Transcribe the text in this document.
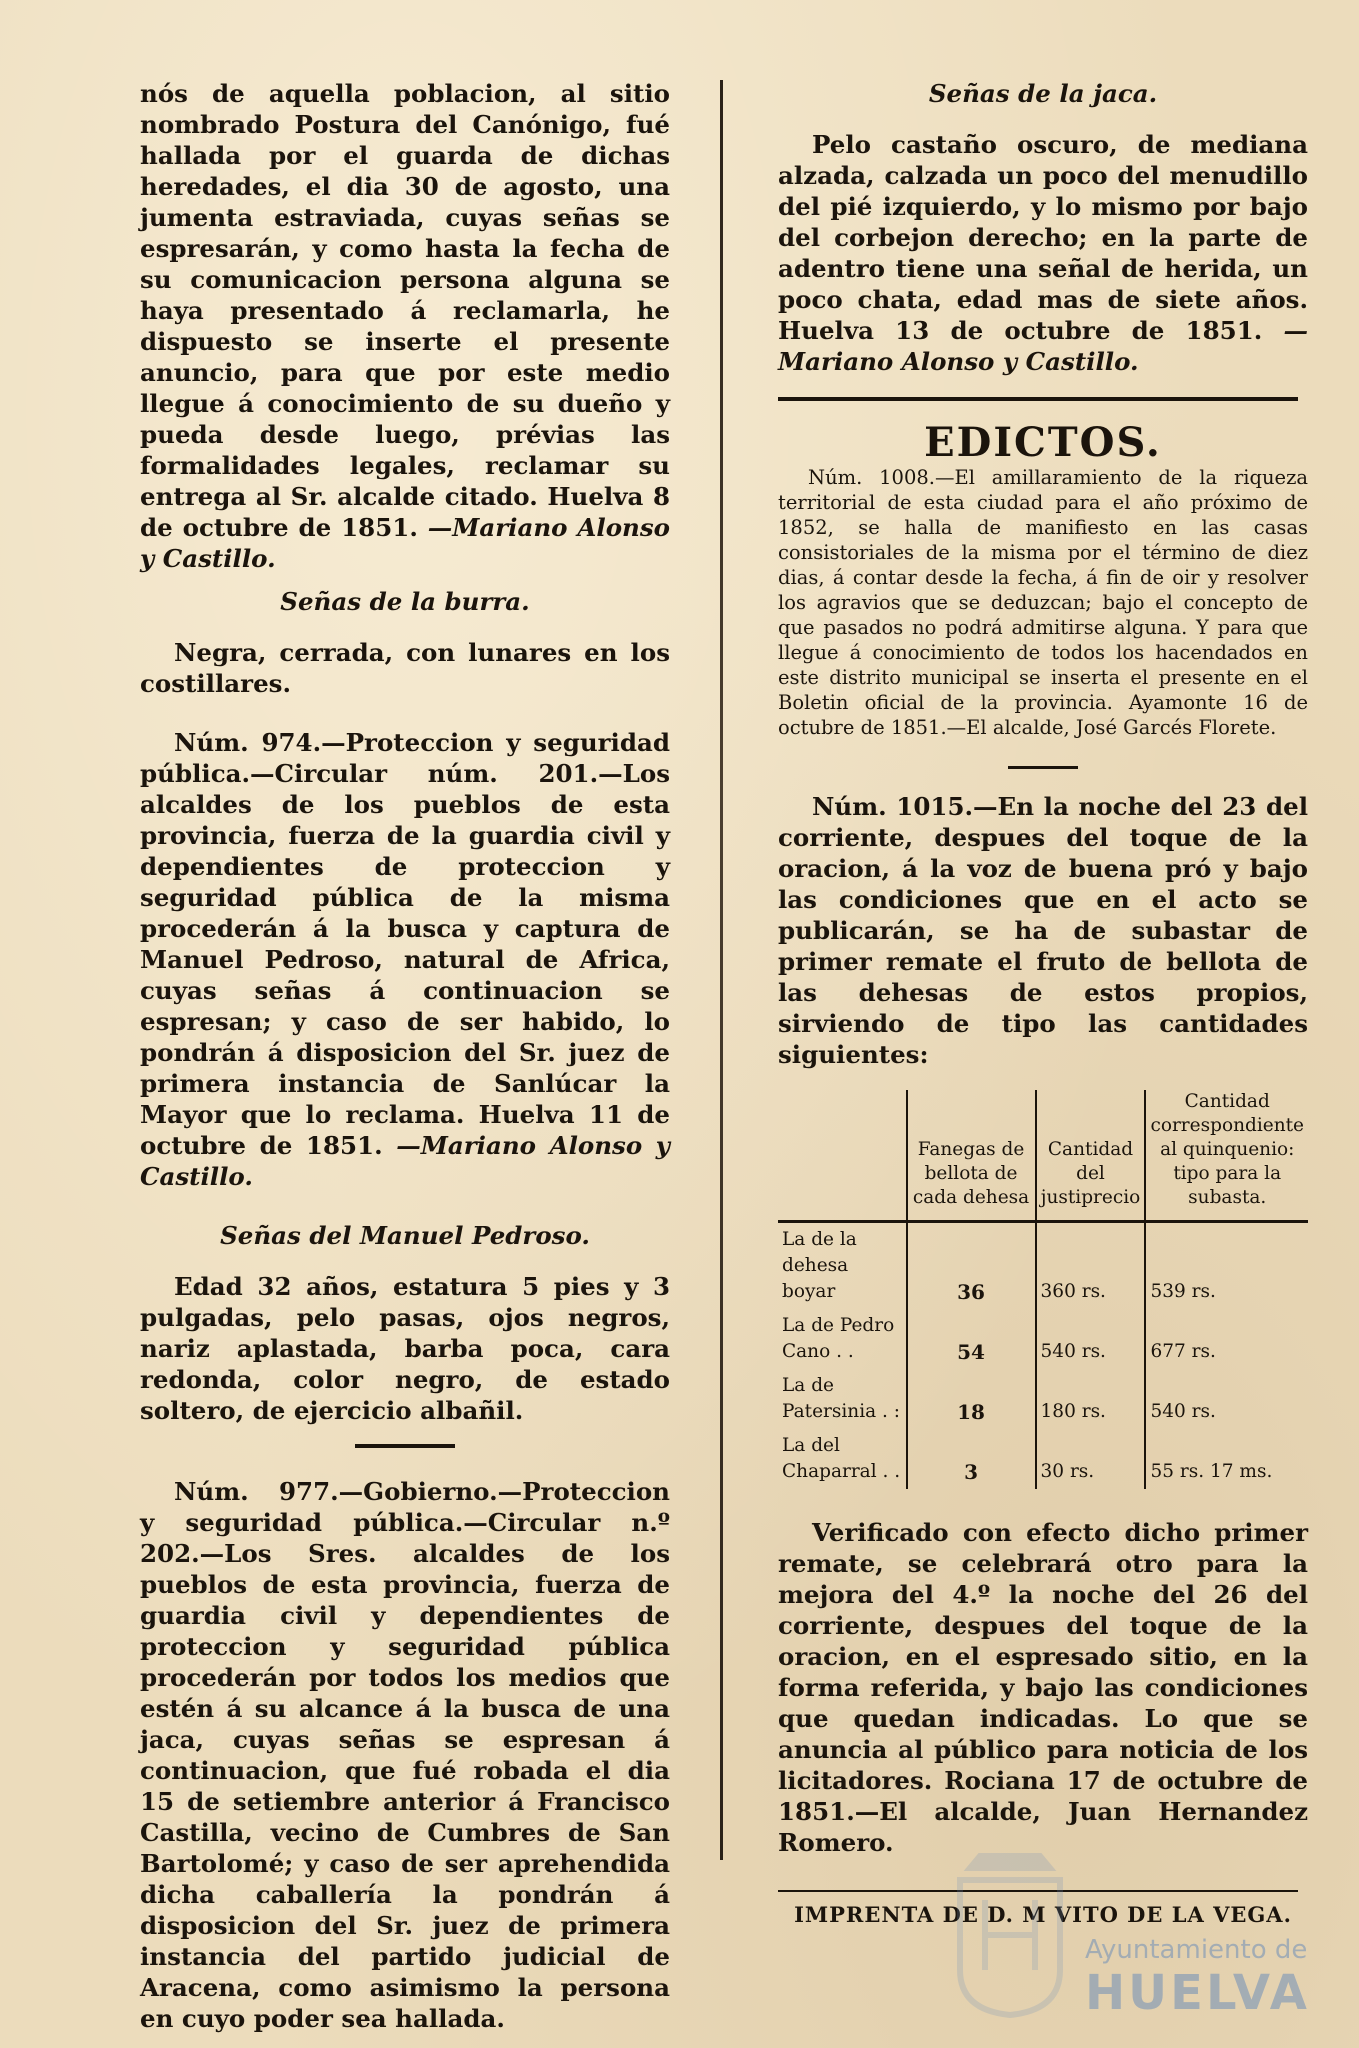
nós de aquella poblacion, al sitio nombrado Postura del Canónigo, fué hallada por el guarda de dichas heredades, el dia 30 de agosto, una jumenta estraviada, cuyas señas se espresarán, y como hasta la fecha de su comunicacion persona alguna se haya presentado á reclamarla, he dispuesto se inserte el presente anuncio, para que por este medio llegue á conocimiento de su dueño y pueda desde luego, prévias las formalidades legales, reclamar su entrega al Sr. alcalde citado. Huelva 8 de octubre de 1851. —Mariano Alonso y Castillo.

Señas de la burra.

Negra, cerrada, con lunares en los costillares.

Núm. 974.—Proteccion y seguridad pública.—Circular núm. 201.—Los alcaldes de los pueblos de esta provincia, fuerza de la guardia civil y dependientes de proteccion y seguridad pública de la misma procederán á la busca y captura de Manuel Pedroso, natural de Africa, cuyas señas á continuacion se espresan; y caso de ser habido, lo pondrán á disposicion del Sr. juez de primera instancia de Sanlúcar la Mayor que lo reclama. Huelva 11 de octubre de 1851. —Mariano Alonso y Castillo.

Señas del Manuel Pedroso.

Edad 32 años, estatura 5 pies y 3 pulgadas, pelo pasas, ojos negros, nariz aplastada, barba poca, cara redonda, color negro, de estado soltero, de ejercicio albañil.

Núm. 977.—Gobierno.—Proteccion y seguridad pública.—Circular n.º 202.—Los Sres. alcaldes de los pueblos de esta provincia, fuerza de guardia civil y dependientes de proteccion y seguridad pública procederán por todos los medios que estén á su alcance á la busca de una jaca, cuyas señas se espresan á continuacion, que fué robada el dia 15 de setiembre anterior á Francisco Castilla, vecino de Cumbres de San Bartolomé; y caso de ser aprehendida dicha caballería la pondrán á disposicion del Sr. juez de primera instancia del partido judicial de Aracena, como asimismo la persona en cuyo poder sea hallada.

Señas de la jaca.

Pelo castaño oscuro, de mediana alzada, calzada un poco del menudillo del pié izquierdo, y lo mismo por bajo del corbejon derecho; en la parte de adentro tiene una señal de herida, un poco chata, edad mas de siete años. Huelva 13 de octubre de 1851. —Mariano Alonso y Castillo.

EDICTOS.

Núm. 1008.—El amillaramiento de la riqueza territorial de esta ciudad para el año próximo de 1852, se halla de manifiesto en las casas consistoriales de la misma por el término de diez dias, á contar desde la fecha, á fin de oir y resolver los agravios que se deduzcan; bajo el concepto de que pasados no podrá admitirse alguna. Y para que llegue á conocimiento de todos los hacendados en este distrito municipal se inserta el presente en el Boletin oficial de la provincia. Ayamonte 16 de octubre de 1851.—El alcalde, José Garcés Florete.

Núm. 1015.—En la noche del 23 del corriente, despues del toque de la oracion, á la voz de buena pró y bajo las condiciones que en el acto se publicarán, se ha de subastar de primer remate el fruto de bellota de las dehesas de estos propios, sirviendo de tipo las cantidades siguientes:

	Fanegas de bellota de cada dehesa	Cantidad del justiprecio	Cantidad correspondiente al quinquenio: tipo para la subasta.
La de la dehesa boyar	36	360 rs.	539 rs.
La de Pedro Cano . .	54	540 rs.	677 rs.
La de Patersinia . :	18	180 rs.	540 rs.
La del Chaparral . .	3	30 rs.	55 rs. 17 ms.

Verificado con efecto dicho primer remate, se celebrará otro para la mejora del 4.º la noche del 26 del corriente, despues del toque de la oracion, en el espresado sitio, en la forma referida, y bajo las condiciones que quedan indicadas. Lo que se anuncia al público para noticia de los licitadores. Rociana 17 de octubre de 1851.—El alcalde, Juan Hernandez Romero.

IMPRENTA DE D. M VITO DE LA VEGA.
Ayuntamiento de
HUELVA
